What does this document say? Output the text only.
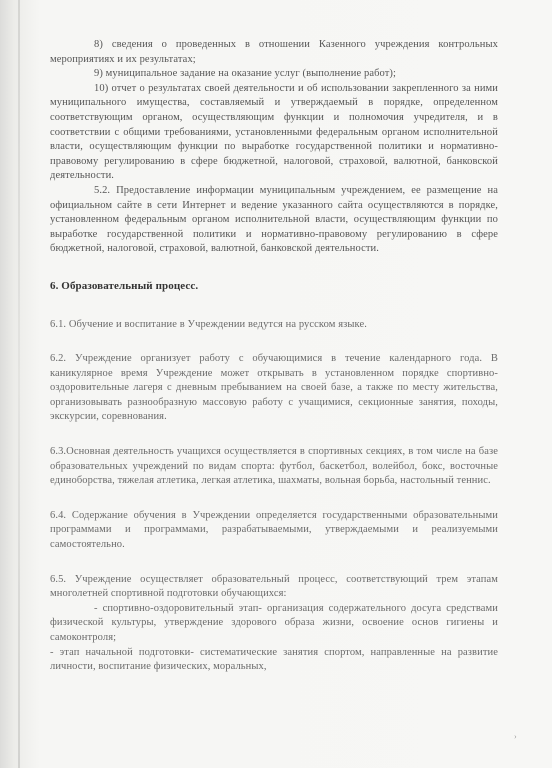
8) сведения о проведенных в отношении Казенного учреждения контрольных мероприятиях и их результатах;

9) муниципальное задание на оказание услуг (выполнение работ);

10) отчет о результатах своей деятельности и об использовании закрепленного за ними муниципального имущества, составляемый и утверждаемый в порядке, определенном соответствующим органом, осуществляющим функции и полномочия учредителя, и в соответствии с общими требованиями, установленными федеральным органом исполнительной власти, осуществляющим функции по выработке государственной политики и нормативно-правовому регулированию в сфере бюджетной, налоговой, страховой, валютной, банковской деятельности.

5.2. Предоставление информации муниципальным учреждением, ее размещение на официальном сайте в сети Интернет и ведение указанного сайта осуществляются в порядке, установленном федеральным органом исполнительной власти, осуществляющим функции по выработке государственной политики и нормативно-правовому регулированию в сфере бюджетной, налоговой, страховой, валютной, банковской деятельности.

6. Образовательный процесс.

6.1. Обучение и воспитание в Учреждении ведутся на русском языке.

6.2. Учреждение организует работу с обучающимися в течение календарного года. В каникулярное время Учреждение может открывать в установленном порядке спортивно-оздоровительные лагеря с дневным пребыванием на своей базе, а также по месту жительства, организовывать разнообразную массовую работу с учащимися, секционные занятия, походы, экскурсии, соревнования.

6.3.Основная деятельность учащихся осуществляется в спортивных секциях, в том числе на базе образовательных учреждений по видам спорта: футбол, баскетбол, волейбол, бокс, восточные единоборства, тяжелая атлетика, легкая атлетика, шахматы, вольная борьба, настольный теннис.

6.4. Содержание обучения в Учреждении определяется государственными образовательными программами и программами, разрабатываемыми, утверждаемыми и реализуемыми самостоятельно.

6.5. Учреждение осуществляет образовательный процесс, соответствующий трем этапам многолетней спортивной подготовки обучающихся:

- спортивно-оздоровительный этап- организация содержательного досуга средствами физической культуры, утверждение здорового образа жизни, освоение основ гигиены и самоконтроля;

- этап начальной подготовки- систематические занятия спортом, направленные на развитие личности, воспитание физических, моральных,

›
